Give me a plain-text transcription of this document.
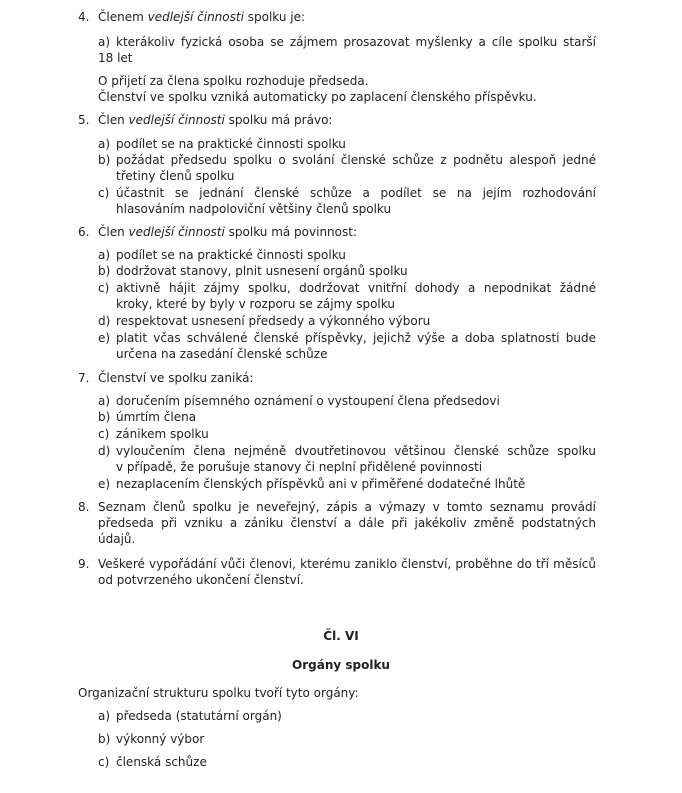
4. Členem vedlejší činnosti spolku je:
a) kterákoliv fyzická osoba se zájmem prosazovat myšlenky a cíle spolku starší
18 let
O přijetí za člena spolku rozhoduje předseda.
Členství ve spolku vzniká automaticky po zaplacení členského příspěvku.
5. Člen vedlejší činnosti spolku má právo:
a) podílet se na praktické činnosti spolku
b) požádat předsedu spolku o svolání členské schůze z podnětu alespoň jedné
třetiny členů spolku
c) účastnit se jednání členské schůze a podílet se na jejím rozhodování
hlasováním nadpoloviční většiny členů spolku
6. Člen vedlejší činnosti spolku má povinnost:
a) podílet se na praktické činnosti spolku
b) dodržovat stanovy, plnit usnesení orgánů spolku
c) aktivně hájit zájmy spolku, dodržovat vnitřní dohody a nepodnikat žádné
kroky, které by byly v rozporu se zájmy spolku
d) respektovat usnesení předsedy a výkonného výboru
e) platit včas schválené členské příspěvky, jejichž výše a doba splatnosti bude
určena na zasedání členské schůze
7. Členství ve spolku zaniká:
a) doručením písemného oznámení o vystoupení člena předsedovi
b) úmrtím člena
c) zánikem spolku
d) vyloučením člena nejméně dvoutřetinovou většinou členské schůze spolku
v případě, že porušuje stanovy či neplní přidělené povinnosti
e) nezaplacením členských příspěvků ani v přiměřené dodatečné lhůtě
8. Seznam členů spolku je neveřejný, zápis a výmazy v tomto seznamu provádí
předseda při vzniku a zániku členství a dále při jakékoliv změně podstatných
údajů.
9. Veškeré vypořádání vůči členovi, kterému zaniklo členství, proběhne do tří měsíců
od potvrzeného ukončení členství.
Čl. VI
Orgány spolku
Organizační strukturu spolku tvoří tyto orgány:
a) předseda (statutární orgán)
b) výkonný výbor
c) členská schůze
